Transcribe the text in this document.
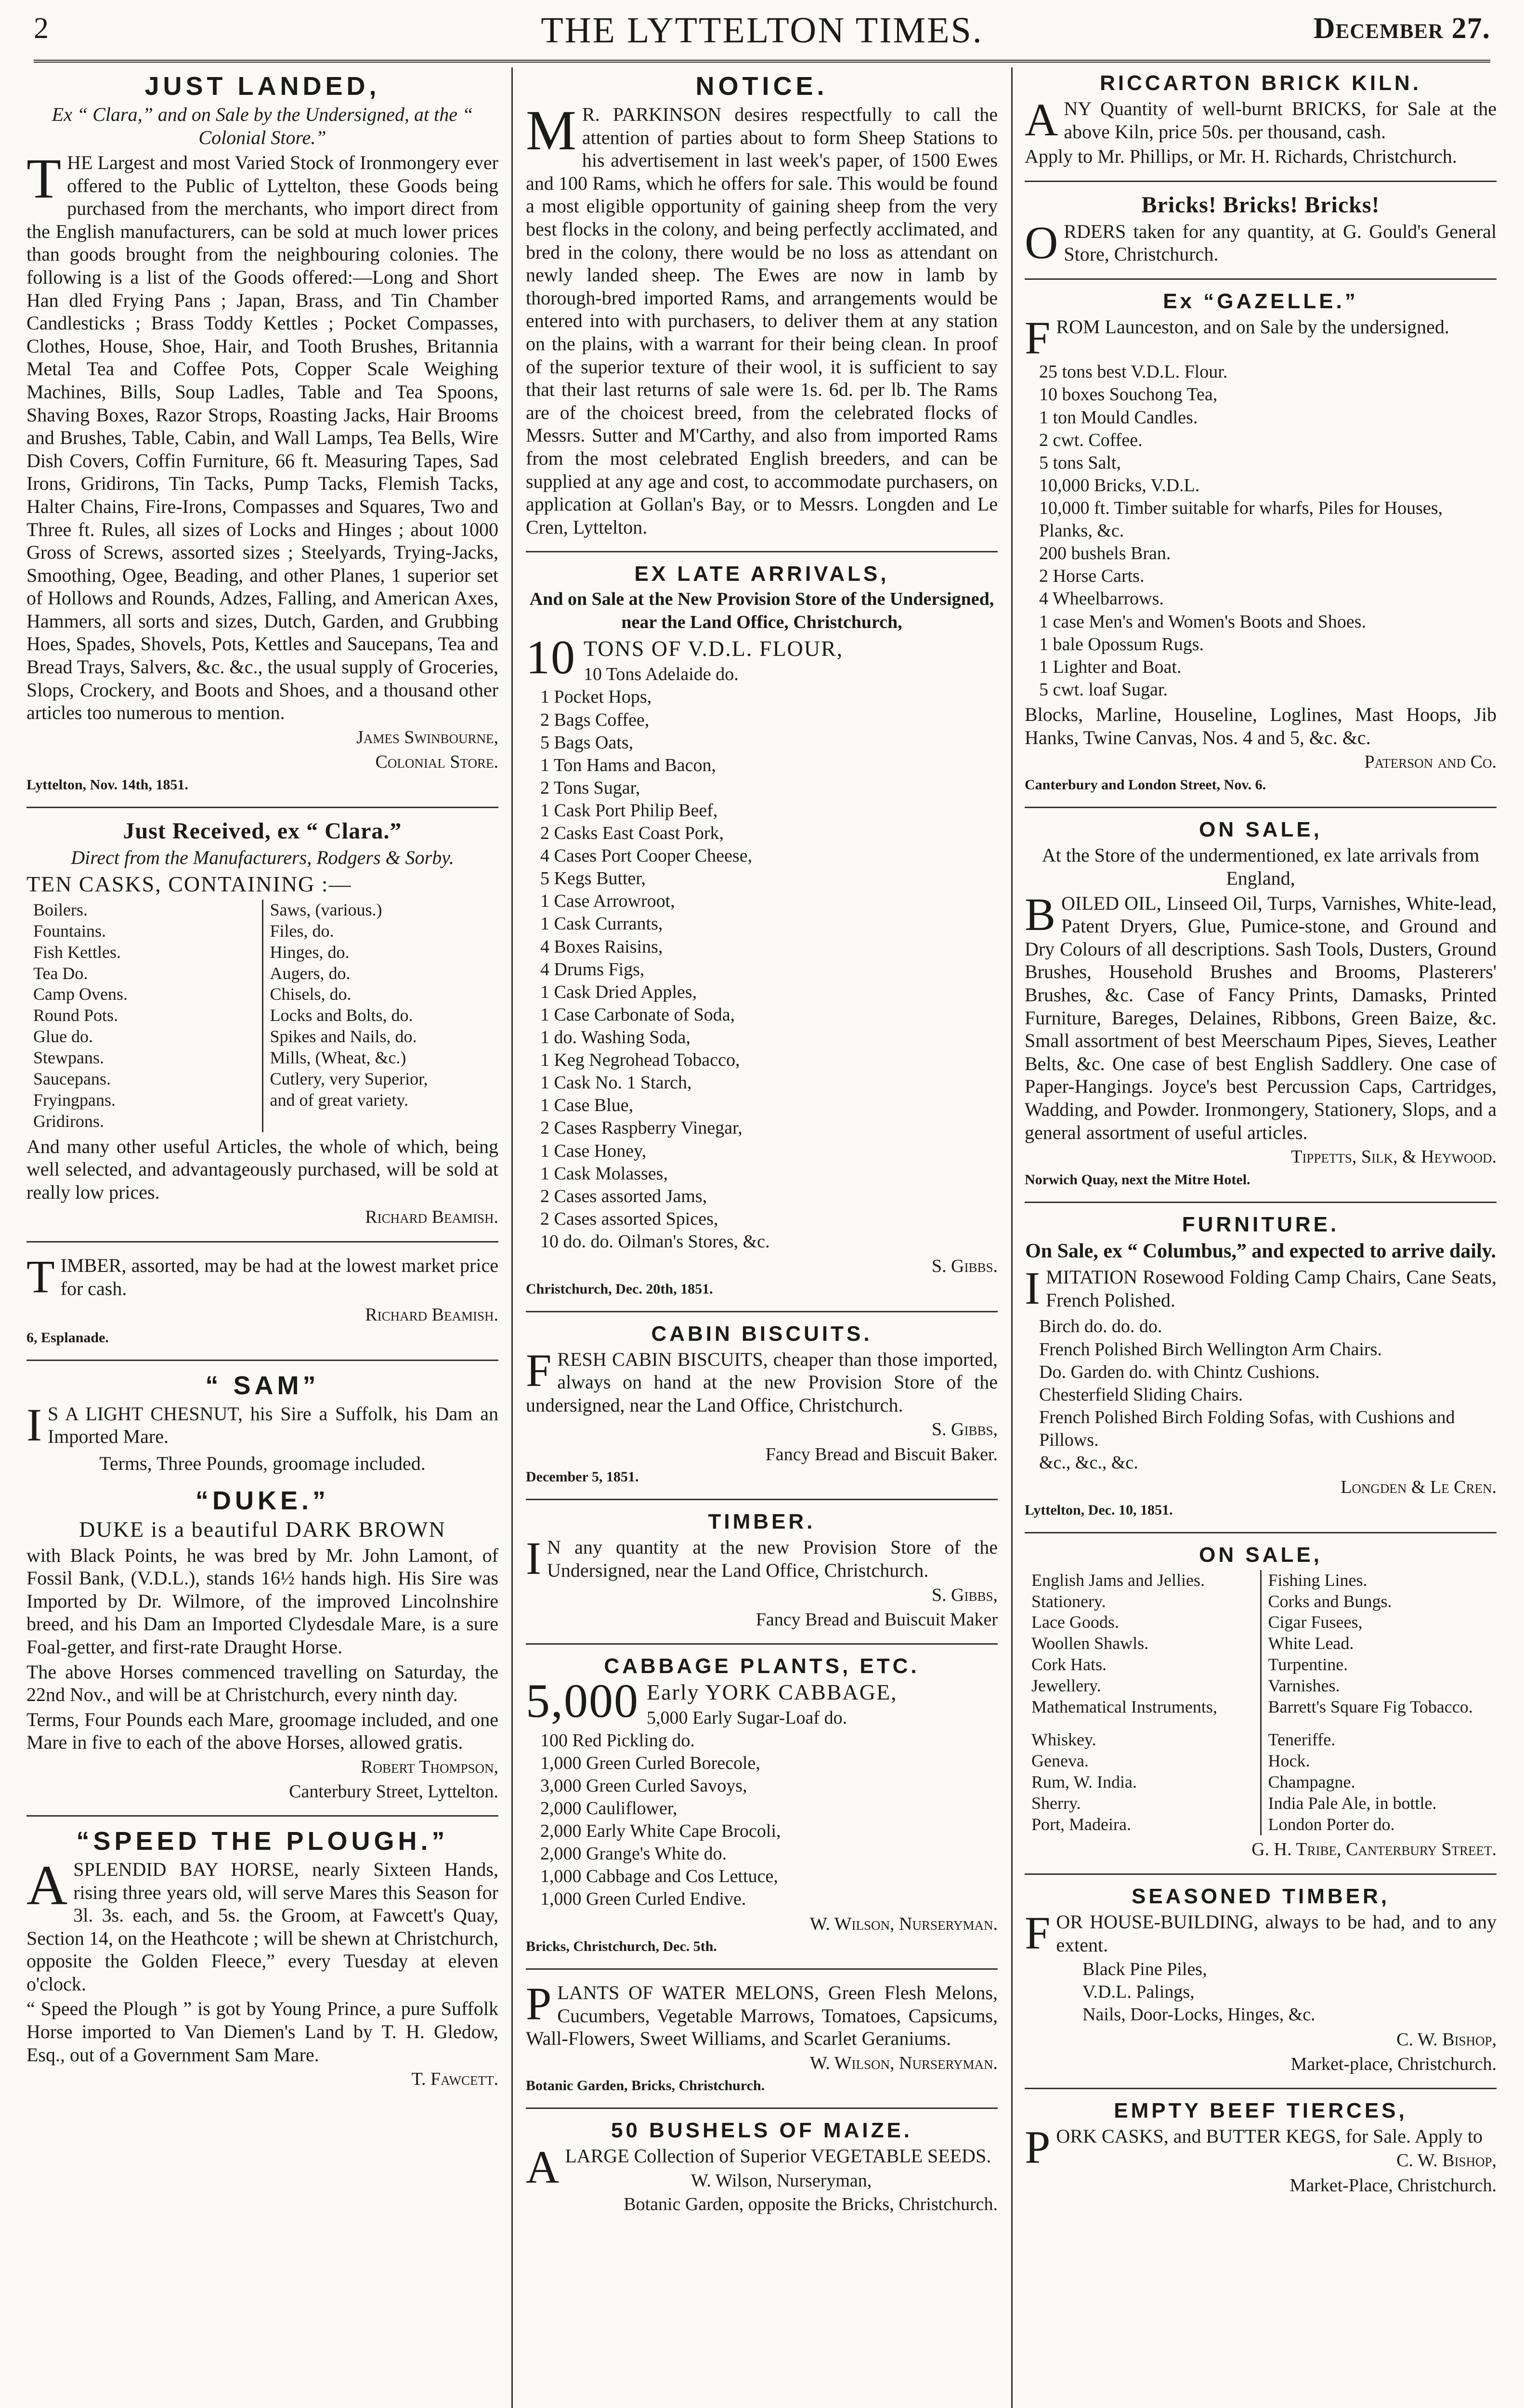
2	THE LYTTELTON TIMES.	December 27.
JUST LANDED,
Ex “ Clara,” and on Sale by the Undersigned, at the “ Colonial Store.”
THE Largest and most Varied Stock of Ironmongery ever offered to the Public of Lyttelton, these Goods being purchased from the merchants, who import direct from the English manufacturers, can be sold at much lower prices than goods brought from the neighbouring colonies. The following is a list of the Goods offered:—Long and Short Han dled Frying Pans ; Japan, Brass, and Tin Chamber Candlesticks ; Brass Toddy Kettles ; Pocket Compasses, Clothes, House, Shoe, Hair, and Tooth Brushes, Britannia Metal Tea and Coffee Pots, Copper Scale Weighing Machines, Bills, Soup Ladles, Table and Tea Spoons, Shaving Boxes, Razor Strops, Roasting Jacks, Hair Brooms and Brushes, Table, Cabin, and Wall Lamps, Tea Bells, Wire Dish Covers, Coffin Furniture, 66 ft. Measuring Tapes, Sad Irons, Gridirons, Tin Tacks, Pump Tacks, Flemish Tacks, Halter Chains, Fire-Irons, Compasses and Squares, Two and Three ft. Rules, all sizes of Locks and Hinges ; about 1000 Gross of Screws, assorted sizes ; Steelyards, Trying-Jacks, Smoothing, Ogee, Beading, and other Planes, 1 superior set of Hollows and Rounds, Adzes, Falling, and American Axes, Hammers, all sorts and sizes, Dutch, Garden, and Grubbing Hoes, Spades, Shovels, Pots, Kettles and Saucepans, Tea and Bread Trays, Salvers, &c. &c., the usual supply of Groceries, Slops, Crockery, and Boots and Shoes, and a thousand other articles too numerous to mention.
James Swinbourne,
Colonial Store.
Lyttelton, Nov. 14th, 1851.
Just Received, ex “ Clara.”
Direct from the Manufacturers, Rodgers & Sorby.
TEN CASKS, CONTAINING :—
Boilers.
Fountains.
Fish Kettles.
Tea Do.
Camp Ovens.
Round Pots.
Glue do.
Stewpans.
Saucepans.
Fryingpans.
Gridirons.
Saws, (various.)
Files, do.
Hinges, do.
Augers, do.
Chisels, do.
Locks and Bolts, do.
Spikes and Nails, do.
Mills, (Wheat, &c.)
Cutlery, very Superior,
and of great variety.
And many other useful Articles, the whole of which, being well selected, and advantageously purchased, will be sold at really low prices.
Richard Beamish.
TIMBER, assorted, may be had at the lowest market price for cash.
Richard Beamish.
6, Esplanade.
“ SAM”
I S A LIGHT CHESNUT, his Sire a Suffolk, his Dam an Imported Mare.
Terms, Three Pounds, groomage included.
“DUKE.”
DUKE is a beautiful DARK BROWN
with Black Points, he was bred by Mr. John Lamont, of Fossil Bank, (V.D.L.), stands 16½ hands high. His Sire was Imported by Dr. Wilmore, of the improved Lincolnshire breed, and his Dam an Imported Clydesdale Mare, is a sure Foal-getter, and first-rate Draught Horse.
The above Horses commenced travelling on Saturday, the 22nd Nov., and will be at Christchurch, every ninth day.
Terms, Four Pounds each Mare, groomage included, and one Mare in five to each of the above Horses, allowed gratis.
Robert Thompson,
Canterbury Street, Lyttelton.
“SPEED THE PLOUGH.”
ASPLENDID BAY HORSE, nearly Sixteen Hands, rising three years old, will serve Mares this Season for 3l. 3s. each, and 5s. the Groom, at Fawcett's Quay, Section 14, on the Heathcote ; will be shewn at Christchurch, opposite the Golden Fleece,” every Tuesday at eleven o'clock.
“ Speed the Plough ” is got by Young Prince, a pure Suffolk Horse imported to Van Diemen's Land by T. H. Gledow, Esq., out of a Government Sam Mare.
T. Fawcett.
NOTICE.
M R. PARKINSON desires respectfully to call the attention of parties about to form Sheep Stations to his advertisement in last week's paper, of 1500 Ewes and 100 Rams, which he offers for sale. This would be found a most eligible opportunity of gaining sheep from the very best flocks in the colony, and being perfectly acclimated, and bred in the colony, there would be no loss as attendant on newly landed sheep. The Ewes are now in lamb by thorough-bred imported Rams, and arrangements would be entered into with purchasers, to deliver them at any station on the plains, with a warrant for their being clean. In proof of the superior texture of their wool, it is sufficient to say that their last returns of sale were 1s. 6d. per lb. The Rams are of the choicest breed, from the celebrated flocks of Messrs. Sutter and M'Carthy, and also from imported Rams from the most celebrated English breeders, and can be supplied at any age and cost, to accommodate purchasers, on application at Gollan's Bay, or to Messrs. Longden and Le Cren, Lyttelton.
EX LATE ARRIVALS,
And on Sale at the New Provision Store of the Undersigned, near the Land Office, Christchurch,
10 TONS OF V.D.L. FLOUR,
10 Tons Adelaide do.
1 Pocket Hops,
2 Bags Coffee,
5 Bags Oats,
1 Ton Hams and Bacon,
2 Tons Sugar,
1 Cask Port Philip Beef,
2 Casks East Coast Pork,
4 Cases Port Cooper Cheese,
5 Kegs Butter,
1 Case Arrowroot,
1 Cask Currants,
4 Boxes Raisins,
4 Drums Figs,
1 Cask Dried Apples,
1 Case Carbonate of Soda,
1 do. Washing Soda,
1 Keg Negrohead Tobacco,
1 Cask No. 1 Starch,
1 Case Blue,
2 Cases Raspberry Vinegar,
1 Case Honey,
1 Cask Molasses,
2 Cases assorted Jams,
2 Cases assorted Spices,
10 do. do. Oilman's Stores, &c.
S. Gibbs.
Christchurch, Dec. 20th, 1851.
CABIN BISCUITS.
FRESH CABIN BISCUITS, cheaper than those imported, always on hand at the new Provision Store of the undersigned, near the Land Office, Christchurch.
S. Gibbs,
Fancy Bread and Biscuit Baker.
December 5, 1851.
TIMBER.
I N any quantity at the new Provision Store of the Undersigned, near the Land Office, Christchurch.
S. Gibbs,
Fancy Bread and Buiscuit Maker
CABBAGE PLANTS, ETC.
5,000 Early YORK CABBAGE,
5,000 Early Sugar-Loaf do.
100 Red Pickling do.
1,000 Green Curled Borecole,
3,000 Green Curled Savoys,
2,000 Cauliflower,
2,000 Early White Cape Brocoli,
2,000 Grange's White do.
1,000 Cabbage and Cos Lettuce,
1,000 Green Curled Endive.
W. Wilson, Nurseryman.
Bricks, Christchurch, Dec. 5th.
PLANTS OF WATER MELONS, Green Flesh Melons, Cucumbers, Vegetable Marrows, Tomatoes, Capsicums, Wall-Flowers, Sweet Williams, and Scarlet Geraniums.
W. Wilson, Nurseryman.
Botanic Garden, Bricks, Christchurch.
50 BUSHELS OF MAIZE.
ALARGE Collection of Superior VEGETABLE SEEDS.
W. Wilson, Nurseryman,
Botanic Garden, opposite the Bricks, Christchurch.
RICCARTON BRICK KILN.
ANY Quantity of well-burnt BRICKS, for Sale at the above Kiln, price 50s. per thousand, cash.
Apply to Mr. Phillips, or Mr. H. Richards, Christchurch.
Bricks! Bricks! Bricks!
ORDERS taken for any quantity, at G. Gould's General Store, Christchurch.
Ex “GAZELLE.”
FROM Launceston, and on Sale by the undersigned.
25 tons best V.D.L. Flour.
10 boxes Souchong Tea,
1 ton Mould Candles.
2 cwt. Coffee.
5 tons Salt,
10,000 Bricks, V.D.L.
10,000 ft. Timber suitable for wharfs, Piles for Houses, Planks, &c.
200 bushels Bran.
2 Horse Carts.
4 Wheelbarrows.
1 case Men's and Women's Boots and Shoes.
1 bale Opossum Rugs.
1 Lighter and Boat.
5 cwt. loaf Sugar.
Blocks, Marline, Houseline, Loglines, Mast Hoops, Jib Hanks, Twine Canvas, Nos. 4 and 5, &c. &c.
Paterson and Co.
Canterbury and London Street, Nov. 6.
ON SALE,
At the Store of the undermentioned, ex late arrivals from England,
BOILED OIL, Linseed Oil, Turps, Varnishes, White-lead, Patent Dryers, Glue, Pumice-stone, and Ground and Dry Colours of all descriptions. Sash Tools, Dusters, Ground Brushes, Household Brushes and Brooms, Plasterers' Brushes, &c. Case of Fancy Prints, Damasks, Printed Furniture, Bareges, Delaines, Ribbons, Green Baize, &c. Small assortment of best Meerschaum Pipes, Sieves, Leather Belts, &c. One case of best English Saddlery. One case of Paper-Hangings. Joyce's best Percussion Caps, Cartridges, Wadding, and Powder. Ironmongery, Stationery, Slops, and a general assortment of useful articles.
Tippetts, Silk, & Heywood.
Norwich Quay, next the Mitre Hotel.
FURNITURE.
On Sale, ex “ Columbus,” and expected to arrive daily.
IMITATION Rosewood Folding Camp Chairs, Cane Seats, French Polished.
Birch do. do. do.
French Polished Birch Wellington Arm Chairs.
Do. Garden do. with Chintz Cushions.
Chesterfield Sliding Chairs.
French Polished Birch Folding Sofas, with Cushions and Pillows.
&c., &c., &c.
Longden & Le Cren.
Lyttelton, Dec. 10, 1851.
ON SALE,
English Jams and Jellies.
Stationery.
Lace Goods.
Woollen Shawls.
Cork Hats.
Jewellery.
Mathematical Instruments,
Whiskey.
Geneva.
Rum, W. India.
Sherry.
Port, Madeira.
Fishing Lines.
Corks and Bungs.
Cigar Fusees,
White Lead.
Turpentine.
Varnishes.
Barrett's Square Fig Tobacco.
Teneriffe.
Hock.
Champagne.
India Pale Ale, in bottle.
London Porter do.
G. H. Tribe, Canterbury Street.
SEASONED TIMBER,
FOR HOUSE-BUILDING, always to be had, and to any extent.
Black Pine Piles,
V.D.L. Palings,
Nails, Door-Locks, Hinges, &c.
C. W. Bishop,
Market-place, Christchurch.
EMPTY BEEF TIERCES,
PORK CASKS, and BUTTER KEGS, for Sale. Apply to
C. W. Bishop,
Market-Place, Christchurch.
